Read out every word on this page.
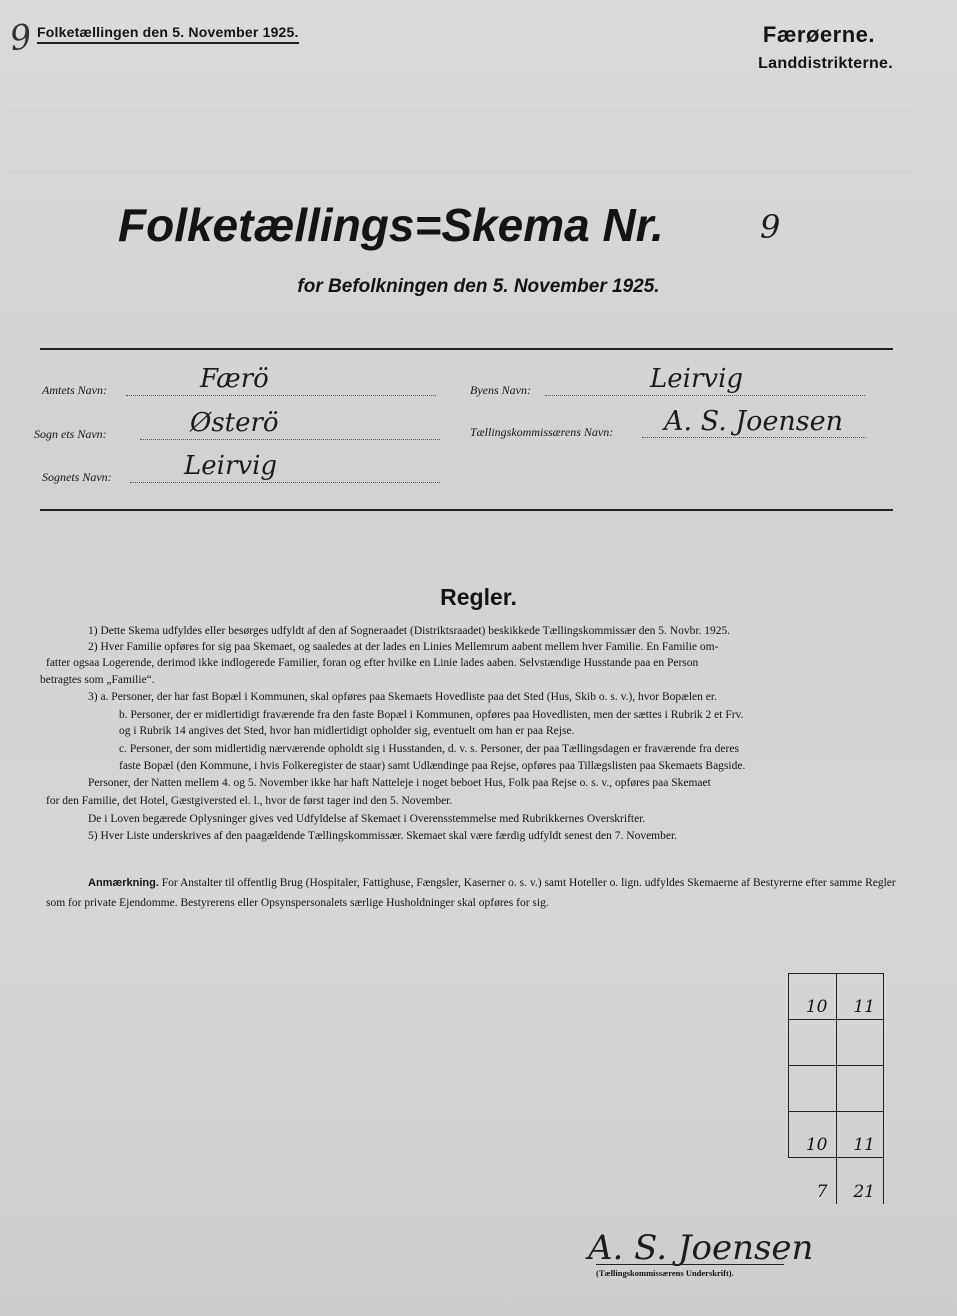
9 Folketællingen den 5. November 1925.	Færøerne.
Landdistrikterne.
Folketællings=Skema Nr.	9
for Befolkningen den 5. November 1925.
Amtets Navn:	Færö	Byens Navn:	Leirvig
Sogn ets Navn:	Østerö	Tællingskommissærens Navn: A. S. Joensen
Sognets Navn:	Leirvig
Regler.
1) Dette Skema udfyldes eller besørges udfyldt af den af Sogneraadet (Distriktsraadet) beskikkede Tællingskommissær den 5. Novbr. 1925.
2) Hver Familie opføres for sig paa Skemaet, og saaledes at der lades en Linies Mellemrum aabent mellem hver Familie. En Familie om-
fatter ogsaa Logerende, derimod ikke indlogerede Familier, foran og efter hvilke en Linie lades aaben. Selvstændige Husstande paa en Person
betragtes som „Familie“.
3) a. Personer, der har fast Bopæl i Kommunen, skal opføres paa Skemaets Hovedliste paa det Sted (Hus, Skib o. s. v.), hvor Bopælen er.
b. Personer, der er midlertidigt fraværende fra den faste Bopæl i Kommunen, opføres paa Hovedlisten, men der sættes i Rubrik 2 et Frv.
og i Rubrik 14 angives det Sted, hvor han midlertidigt opholder sig, eventuelt om han er paa Rejse.
c. Personer, der som midlertidig nærværende opholdt sig i Husstanden, d. v. s. Personer, der paa Tællingsdagen er fraværende fra deres
faste Bopæl (den Kommune, i hvis Folkeregister de staar) samt Udlændinge paa Rejse, opføres paa Tillægslisten paa Skemaets Bagside.
Personer, der Natten mellem 4. og 5. November ikke har haft Natteleje i noget beboet Hus, Folk paa Rejse o. s. v., opføres paa Skemaet
for den Familie, det Hotel, Gæstgiversted el. l., hvor de først tager ind den 5. November.
De i Loven begærede Oplysninger gives ved Udfyldelse af Skemaet i Overensstemmelse med Rubrikkernes Overskrifter.
5) Hver Liste underskrives af den paagældende Tællingskommissær. Skemaet skal være færdig udfyldt senest den 7. November.
Anmærkning. For Anstalter til offentlig Brug (Hospitaler, Fattighuse, Fængsler, Kaserner o. s. v.) samt Hoteller o. lign. udfyldes Skemaerne af Bestyrerne efter samme Regler som for private Ejendomme. Bestyrerens eller Opsynspersonalets særlige Husholdninger skal opføres for sig.
10	11

10	11
7	21
A. S. Joensen
(Tællingskommissærens Underskrift).
